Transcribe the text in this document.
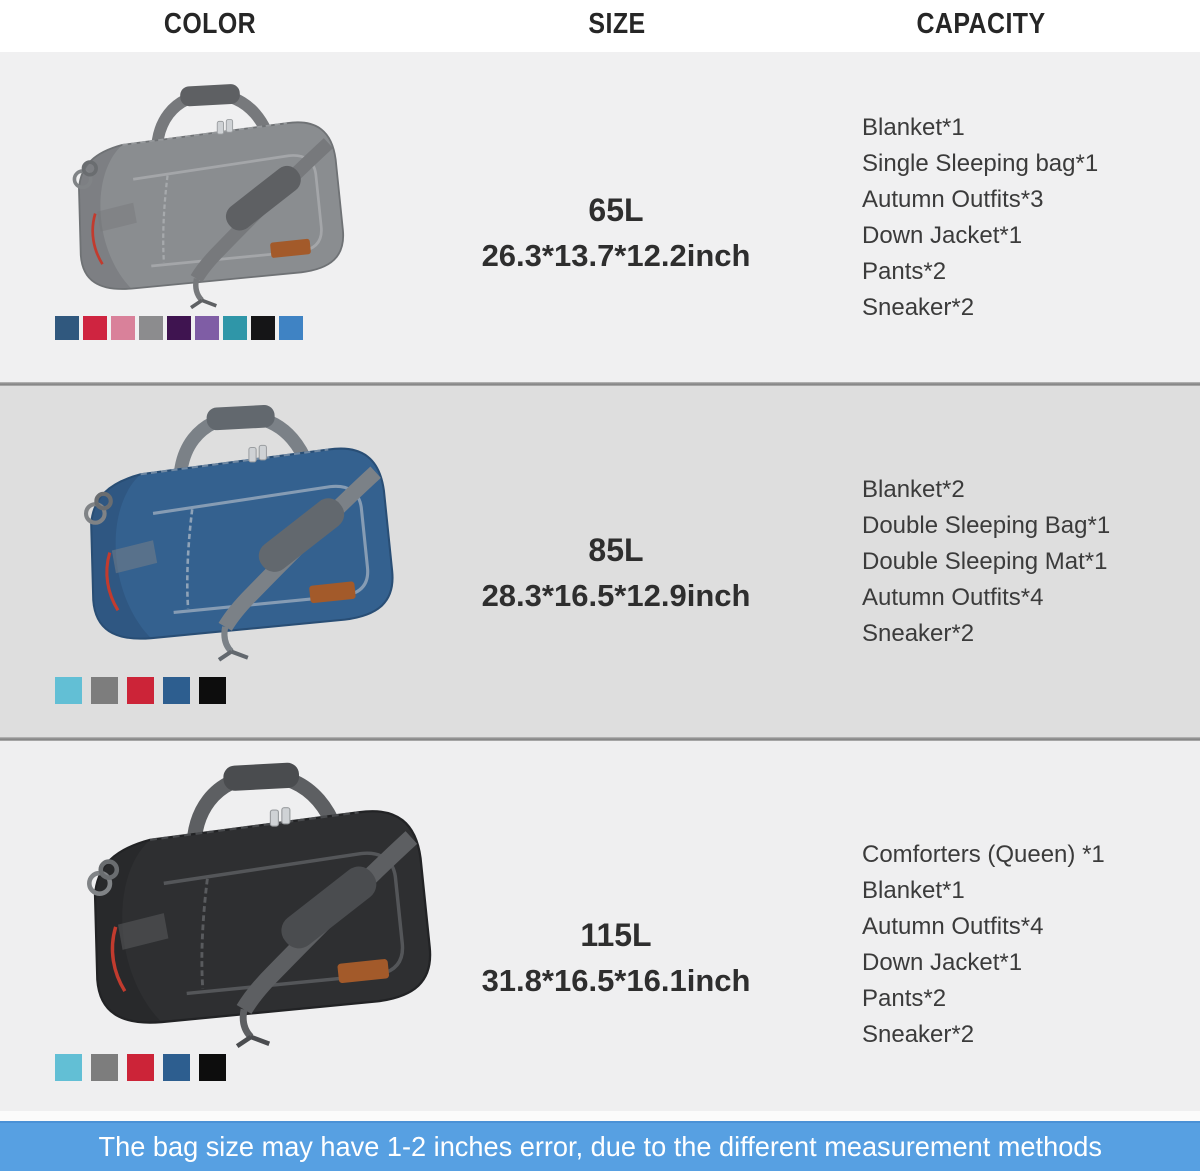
COLOR	SIZE	CAPACITY
65L
26.3*13.7*12.2inch
Blanket*1
Single Sleeping bag*1
Autumn Outfits*3
Down Jacket*1
Pants*2
Sneaker*2
85L
28.3*16.5*12.9inch
Blanket*2
Double Sleeping Bag*1
Double Sleeping Mat*1
Autumn Outfits*4
Sneaker*2
115L
31.8*16.5*16.1inch
Comforters (Queen) *1
Blanket*1
Autumn Outfits*4
Down Jacket*1
Pants*2
Sneaker*2
The bag size may have 1-2 inches error, due to the different measurement methods
